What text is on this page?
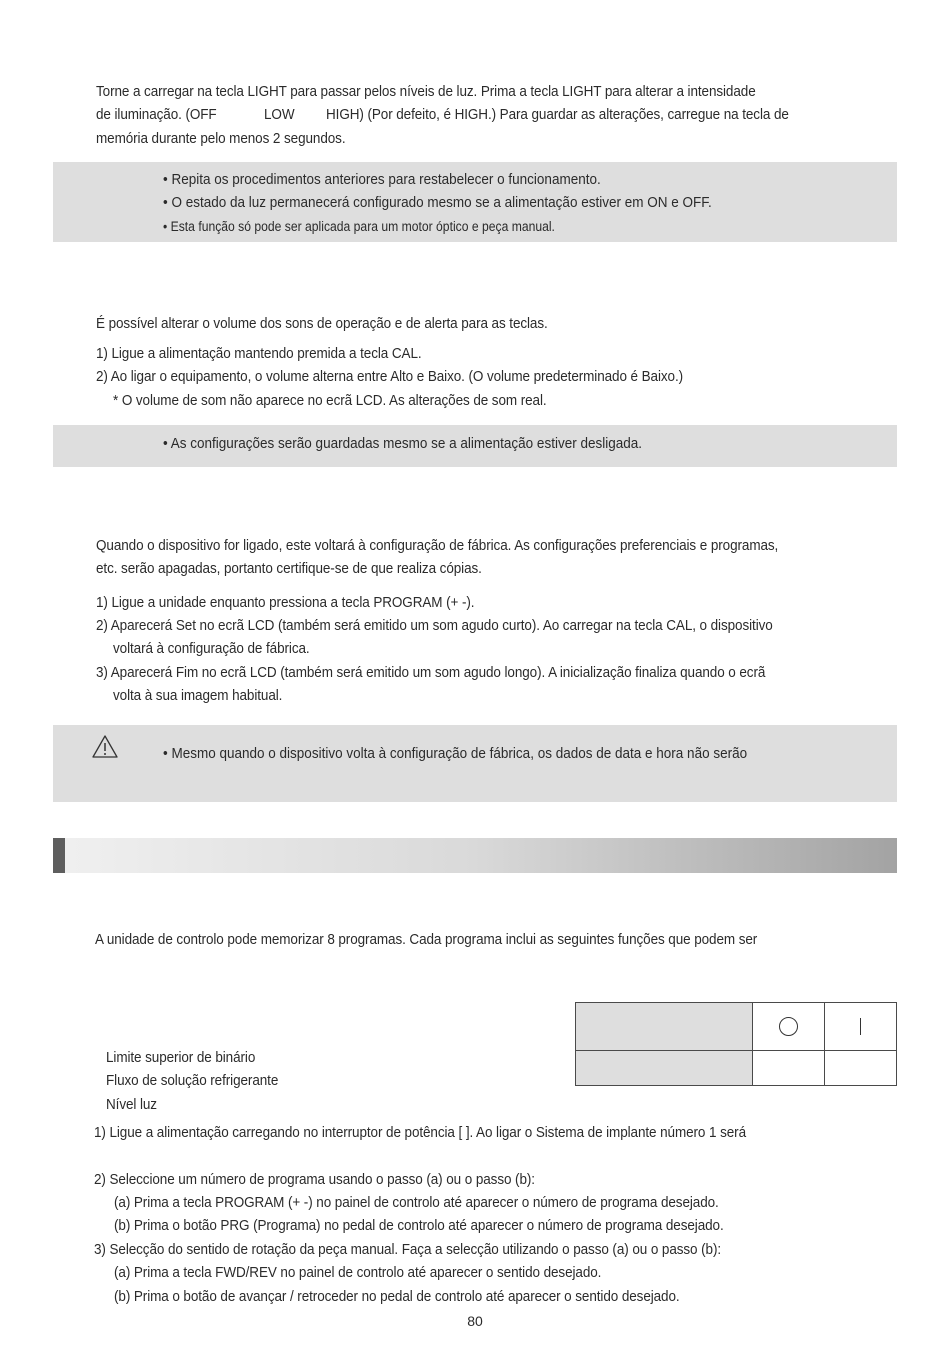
Torne a carregar na tecla LIGHT para passar pelos níveis de luz. Prima a tecla LIGHT para alterar a intensidade
de iluminação. (OFF	LOW HIGH) (Por defeito, é HIGH.) Para guardar as alterações, carregue na tecla de
memória durante pelo menos 2 segundos.
• Repita os procedimentos anteriores para restabelecer o funcionamento.
• O estado da luz permanecerá configurado mesmo se a alimentação estiver em ON e OFF.
• Esta função só pode ser aplicada para um motor óptico e peça manual.
É possível alterar o volume dos sons de operação e de alerta para as teclas.
1) Ligue a alimentação mantendo premida a tecla CAL.
2) Ao ligar o equipamento, o volume alterna entre Alto e Baixo. (O volume predeterminado é Baixo.)
* O volume de som não aparece no ecrã LCD. As alterações de som real.
• As configurações serão guardadas mesmo se a alimentação estiver desligada.
Quando o dispositivo for ligado, este voltará à configuração de fábrica. As configurações preferenciais e programas,
etc. serão apagadas, portanto certifique-se de que realiza cópias.
1) Ligue a unidade enquanto pressiona a tecla PROGRAM (+ -).
2) Aparecerá Set no ecrã LCD (também será emitido um som agudo curto). Ao carregar na tecla CAL, o dispositivo
voltará à configuração de fábrica.
3) Aparecerá Fim no ecrã LCD (também será emitido um som agudo longo). A inicialização finaliza quando o ecrã
volta à sua imagem habitual.
• Mesmo quando o dispositivo volta à configuração de fábrica, os dados de data e hora não serão
A unidade de controlo pode memorizar 8 programas. Cada programa inclui as seguintes funções que podem ser

Limite superior de binário
Fluxo de solução refrigerante
Nível luz
1) Ligue a alimentação carregando no interruptor de potência [ ]. Ao ligar o Sistema de implante número 1 será
2) Seleccione um número de programa usando o passo (a) ou o passo (b):
(a) Prima a tecla PROGRAM (+ -) no painel de controlo até aparecer o número de programa desejado.
(b) Prima o botão PRG (Programa) no pedal de controlo até aparecer o número de programa desejado.
3) Selecção do sentido de rotação da peça manual. Faça a selecção utilizando o passo (a) ou o passo (b):
(a) Prima a tecla FWD/REV no painel de controlo até aparecer o sentido desejado.
(b) Prima o botão de avançar / retroceder no pedal de controlo até aparecer o sentido desejado.
80
